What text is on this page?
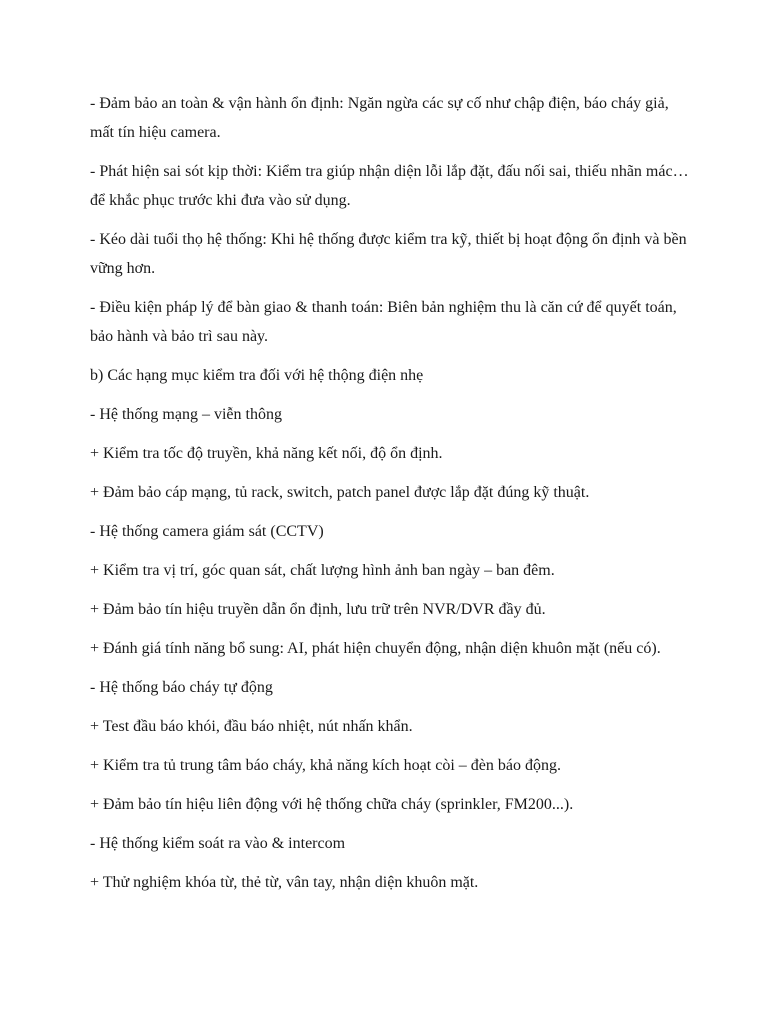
- Đảm bảo an toàn & vận hành ổn định: Ngăn ngừa các sự cố như chập điện, báo cháy giả, mất tín hiệu camera.

- Phát hiện sai sót kịp thời: Kiểm tra giúp nhận diện lỗi lắp đặt, đấu nối sai, thiếu nhãn mác… để khắc phục trước khi đưa vào sử dụng.

- Kéo dài tuổi thọ hệ thống: Khi hệ thống được kiểm tra kỹ, thiết bị hoạt động ổn định và bền vững hơn.

- Điều kiện pháp lý để bàn giao & thanh toán: Biên bản nghiệm thu là căn cứ để quyết toán, bảo hành và bảo trì sau này.

b) Các hạng mục kiểm tra đối với hệ thộng điện nhẹ

- Hệ thống mạng – viễn thông

+ Kiểm tra tốc độ truyền, khả năng kết nối, độ ổn định.

+ Đảm bảo cáp mạng, tủ rack, switch, patch panel được lắp đặt đúng kỹ thuật.

- Hệ thống camera giám sát (CCTV)

+ Kiểm tra vị trí, góc quan sát, chất lượng hình ảnh ban ngày – ban đêm.

+ Đảm bảo tín hiệu truyền dẫn ổn định, lưu trữ trên NVR/DVR đầy đủ.

+ Đánh giá tính năng bổ sung: AI, phát hiện chuyển động, nhận diện khuôn mặt (nếu có).

- Hệ thống báo cháy tự động

+ Test đầu báo khói, đầu báo nhiệt, nút nhấn khẩn.

+ Kiểm tra tủ trung tâm báo cháy, khả năng kích hoạt còi – đèn báo động.

+ Đảm bảo tín hiệu liên động với hệ thống chữa cháy (sprinkler, FM200...).

- Hệ thống kiểm soát ra vào & intercom

+ Thử nghiệm khóa từ, thẻ từ, vân tay, nhận diện khuôn mặt.
